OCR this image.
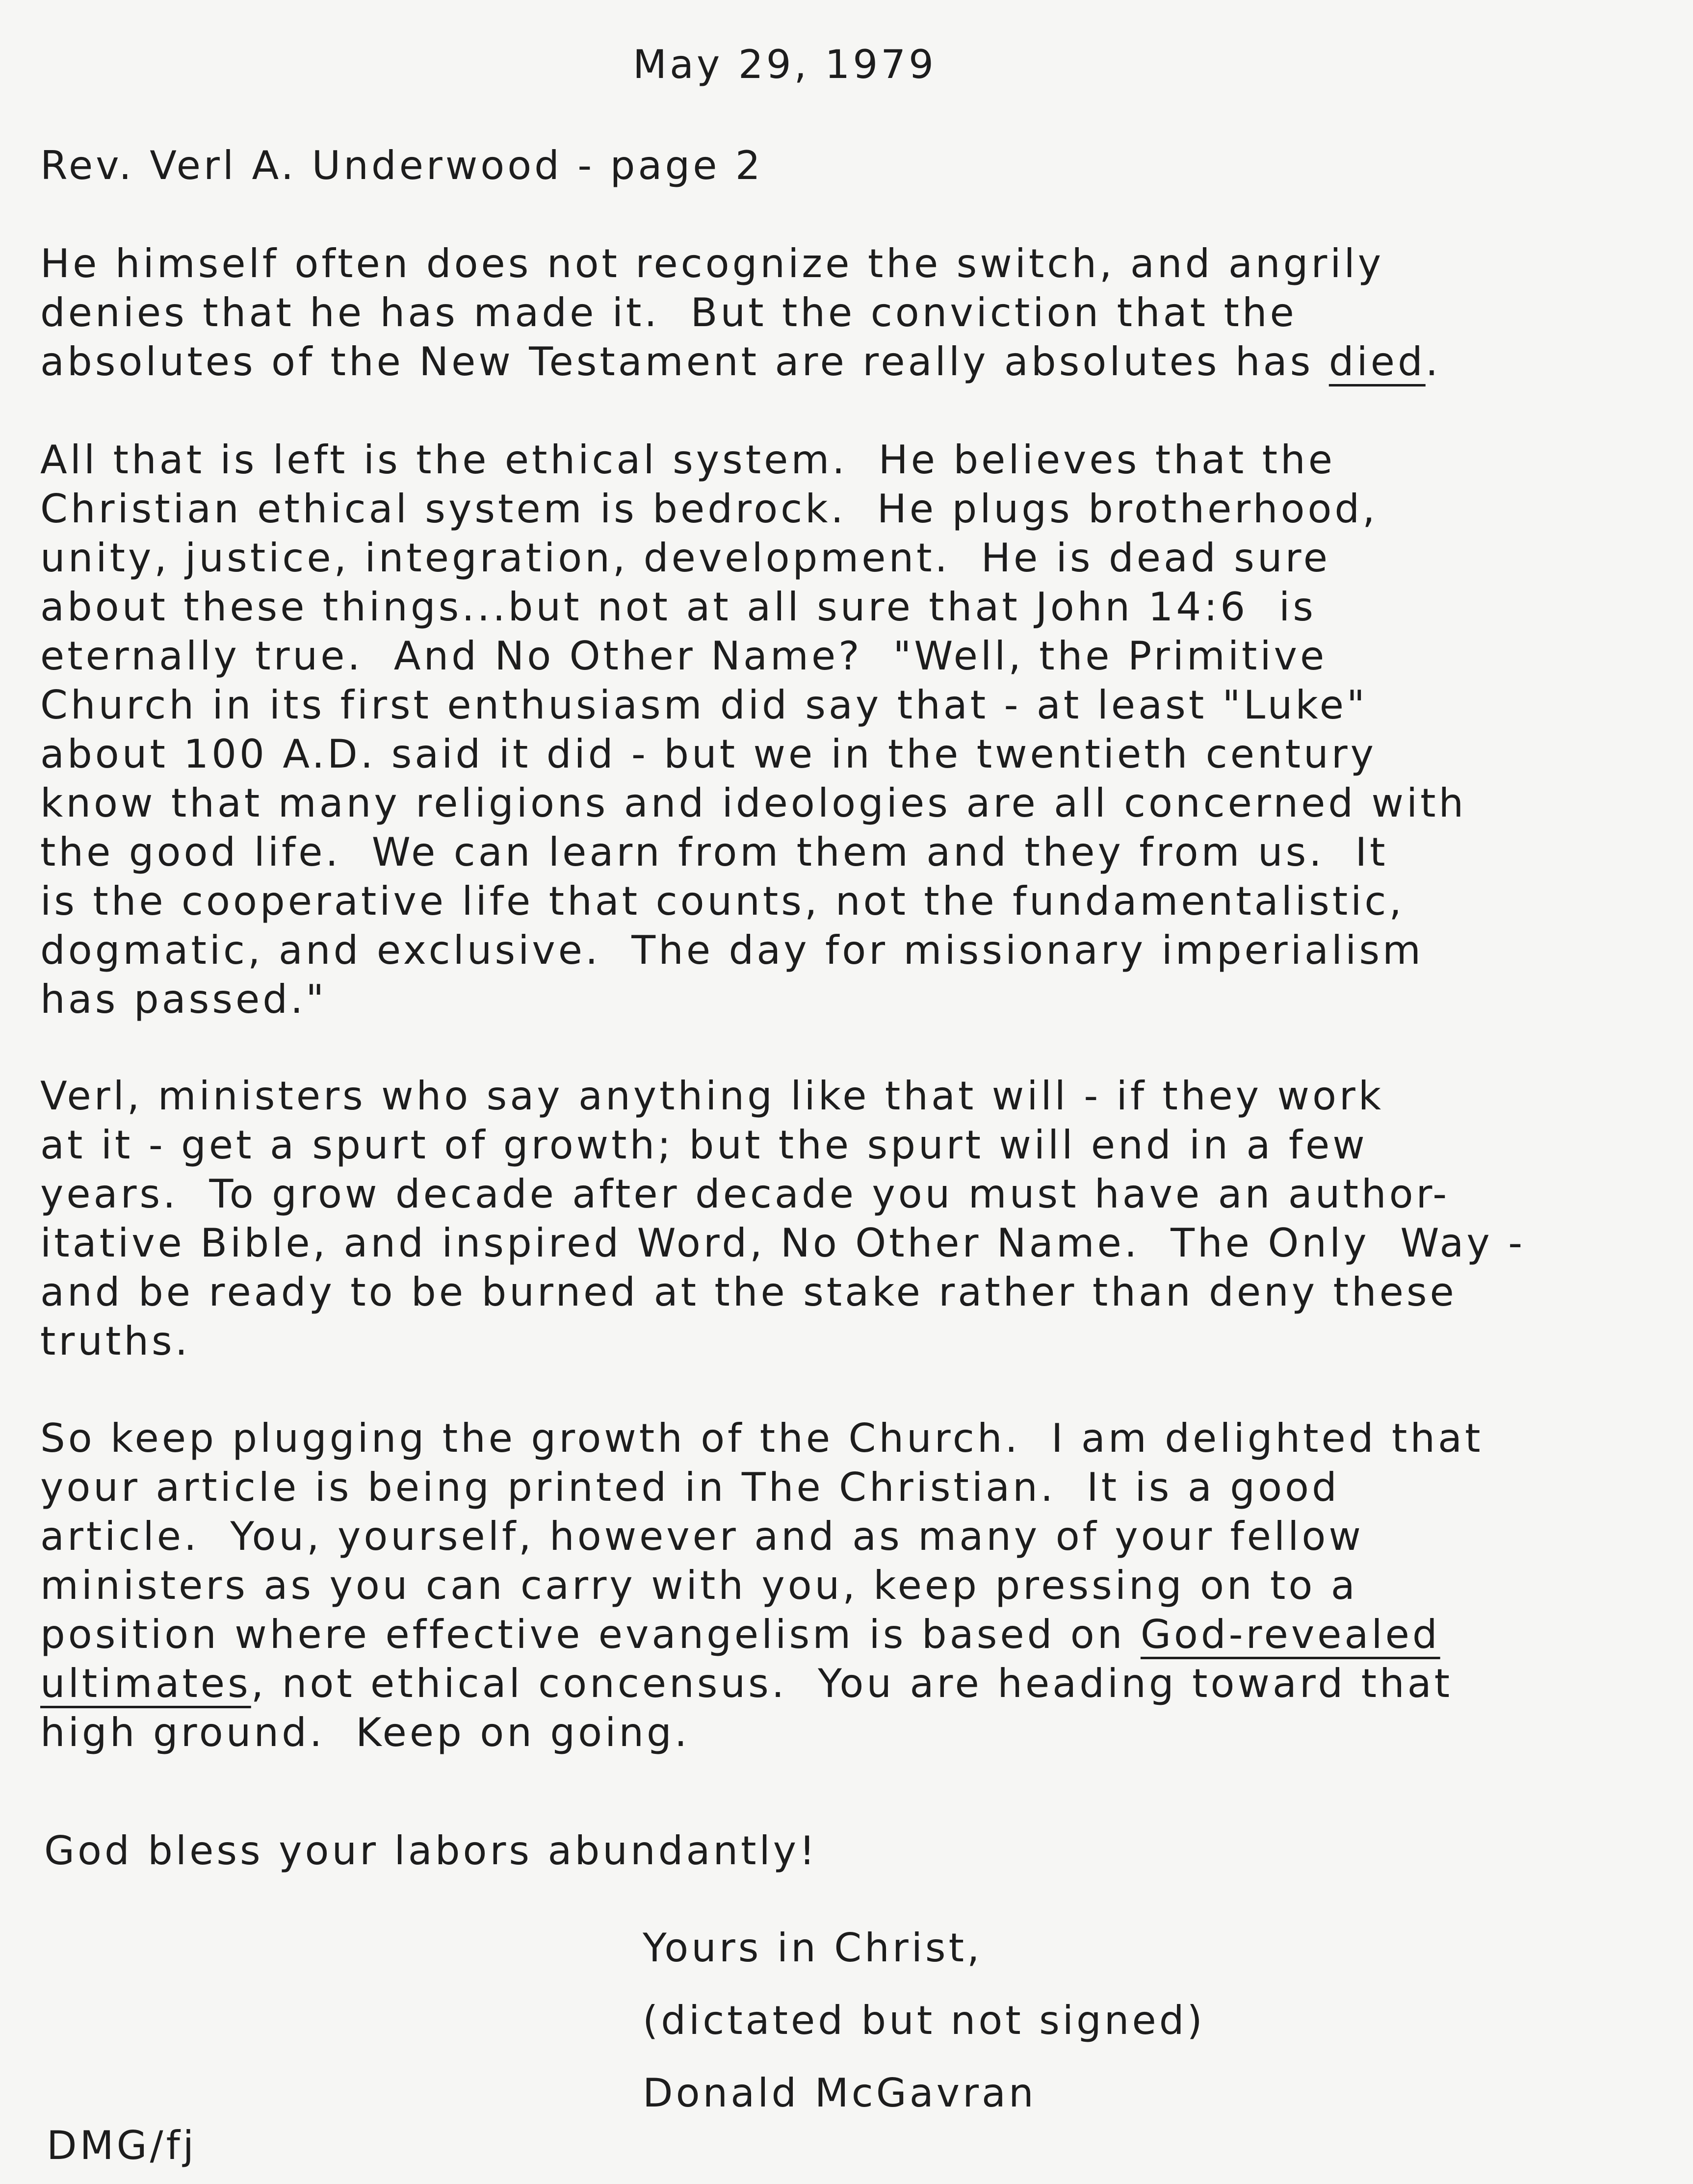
May 29, 1979
Rev. Verl A. Underwood - page 2
He himself often does not recognize the switch, and angrily
denies that he has made it.  But the conviction that the
absolutes of the New Testament are really absolutes has died.
All that is left is the ethical system.  He believes that the
Christian ethical system is bedrock.  He plugs brotherhood,
unity, justice, integration, development.  He is dead sure
about these things...but not at all sure that John 14:6  is
eternally true.  And No Other Name?  "Well, the Primitive
Church in its first enthusiasm did say that - at least "Luke"
about 100 A.D. said it did - but we in the twentieth century
know that many religions and ideologies are all concerned with
the good life.  We can learn from them and they from us.  It
is the cooperative life that counts, not the fundamentalistic,
dogmatic, and exclusive.  The day for missionary imperialism
has passed."
Verl, ministers who say anything like that will - if they work
at it - get a spurt of growth; but the spurt will end in a few
years.  To grow decade after decade you must have an author-
itative Bible, and inspired Word, No Other Name.  The Only  Way -
and be ready to be burned at the stake rather than deny these
truths.
So keep plugging the growth of the Church.  I am delighted that
your article is being printed in The Christian.  It is a good
article.  You, yourself, however and as many of your fellow
ministers as you can carry with you, keep pressing on to a
position where effective evangelism is based on God-revealed
ultimates, not ethical concensus.  You are heading toward that
high ground.  Keep on going.
God bless your labors abundantly!
Yours in Christ,
(dictated but not signed)
Donald McGavran
DMG/fj
